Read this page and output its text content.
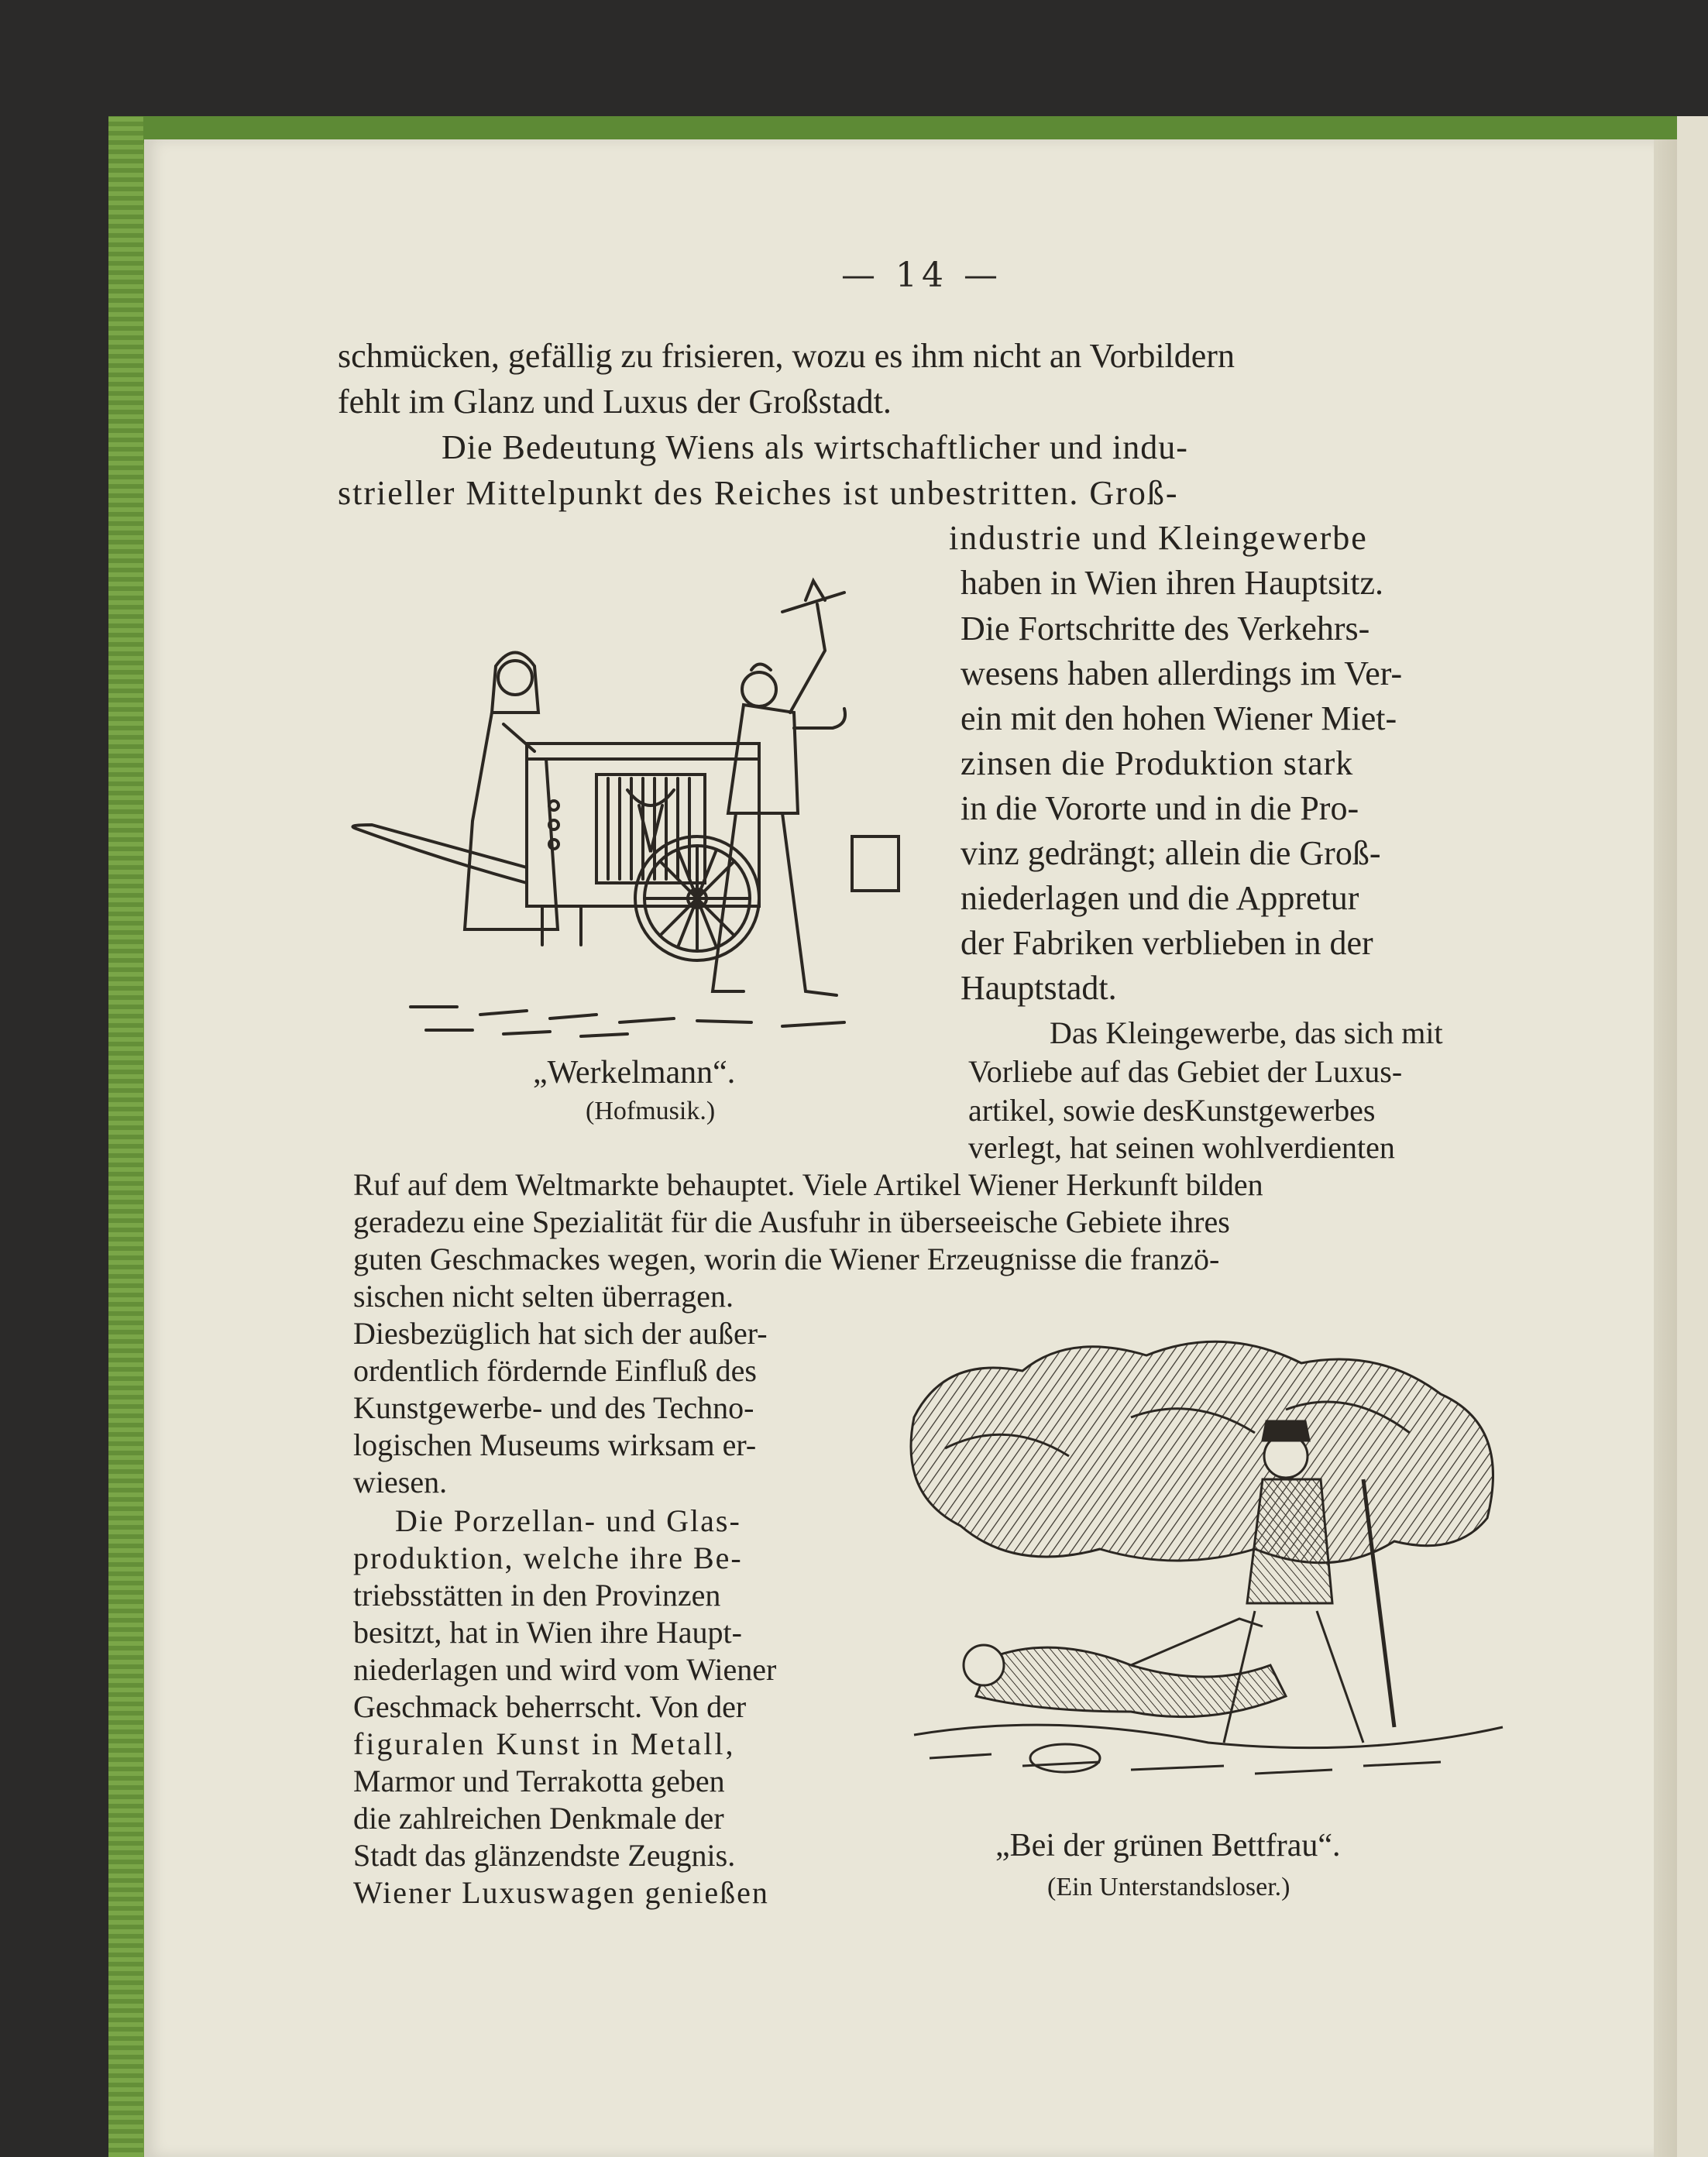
— 14 —
schmücken, gefällig zu frisieren, wozu es ihm nicht an Vorbildern
fehlt im Glanz und Luxus der Großstadt.
Die Bedeutung Wiens als wirtschaftlicher und indu-
strieller Mittelpunkt des Reiches ist unbestritten. Groß-
industrie und Kleingewerbe
haben in Wien ihren Hauptsitz.
Die Fortschritte des Verkehrs-
wesens haben allerdings im Ver-
ein mit den hohen Wiener Miet-
zinsen die Produktion stark
in die Vororte und in die Pro-
vinz gedrängt; allein die Groß-
niederlagen und die Appretur
der Fabriken verblieben in der
Hauptstadt.
Das Kleingewerbe, das sich mit
Vorliebe auf das Gebiet der Luxus-
artikel, sowie desKunstgewerbes
verlegt, hat seinen wohlverdienten
„Werkelmann“.
(Hofmusik.)
Ruf auf dem Weltmarkte behauptet. Viele Artikel Wiener Herkunft bilden
geradezu eine Spezialität für die Ausfuhr in überseeische Gebiete ihres
guten Geschmackes wegen, worin die Wiener Erzeugnisse die franzö-
sischen nicht selten überragen.
Diesbezüglich hat sich der außer-
ordentlich fördernde Einfluß des
Kunstgewerbe- und des Techno-
logischen Museums wirksam er-
wiesen.
Die Porzellan- und Glas-
produktion, welche ihre Be-
triebsstätten in den Provinzen
besitzt, hat in Wien ihre Haupt-
niederlagen und wird vom Wiener
Geschmack beherrscht. Von der
figuralen Kunst in Metall,
Marmor und Terrakotta geben
die zahlreichen Denkmale der
Stadt das glänzendste Zeugnis.
Wiener Luxuswagen genießen
„Bei der grünen Bettfrau“.
(Ein Unterstandsloser.)
